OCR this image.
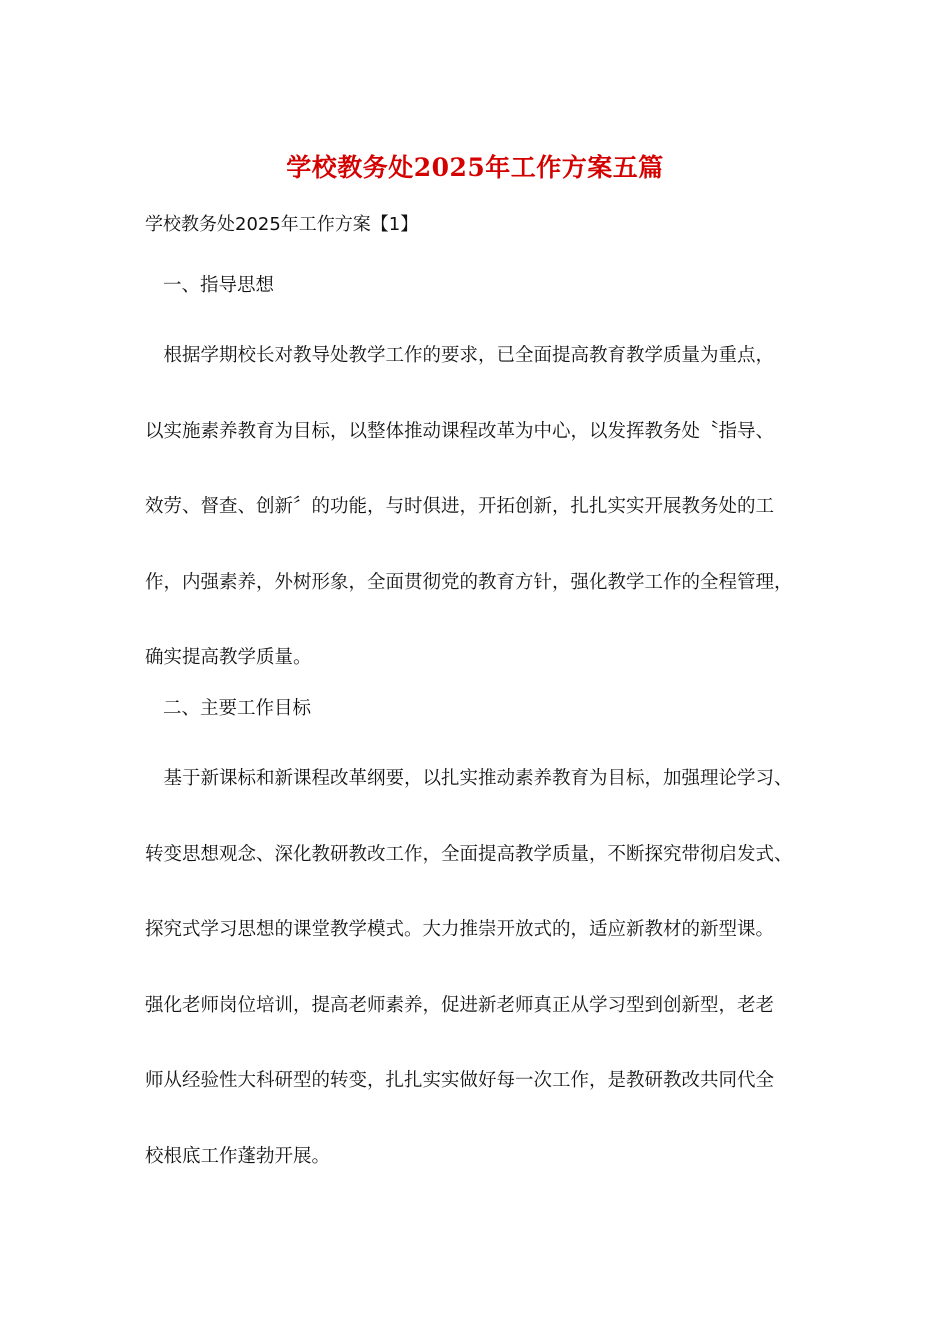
学校教务处2025年工作方案五篇
学校教务处2025年工作方案【1】
一、指导思想
　根据学期校长对教导处教学工作的要求，已全面提高教育教学质量为重点，
以实施素养教育为目标，以整体推动课程改革为中心，以发挥教务处〝指导、
效劳、督查、创新〞的功能，与时俱进，开拓创新，扎扎实实开展教务处的工
作，内强素养，外树形象，全面贯彻党的教育方针，强化教学工作的全程管理，
确实提高教学质量。
二、主要工作目标
　基于新课标和新课程改革纲要，以扎实推动素养教育为目标，加强理论学习、
转变思想观念、深化教研教改工作，全面提高教学质量，不断探究带彻启发式、
探究式学习思想的课堂教学模式。大力推崇开放式的，适应新教材的新型课。
强化老师岗位培训，提高老师素养，促进新老师真正从学习型到创新型，老老
师从经验性大科研型的转变，扎扎实实做好每一次工作，是教研教改共同代全
校根底工作蓬勃开展。
